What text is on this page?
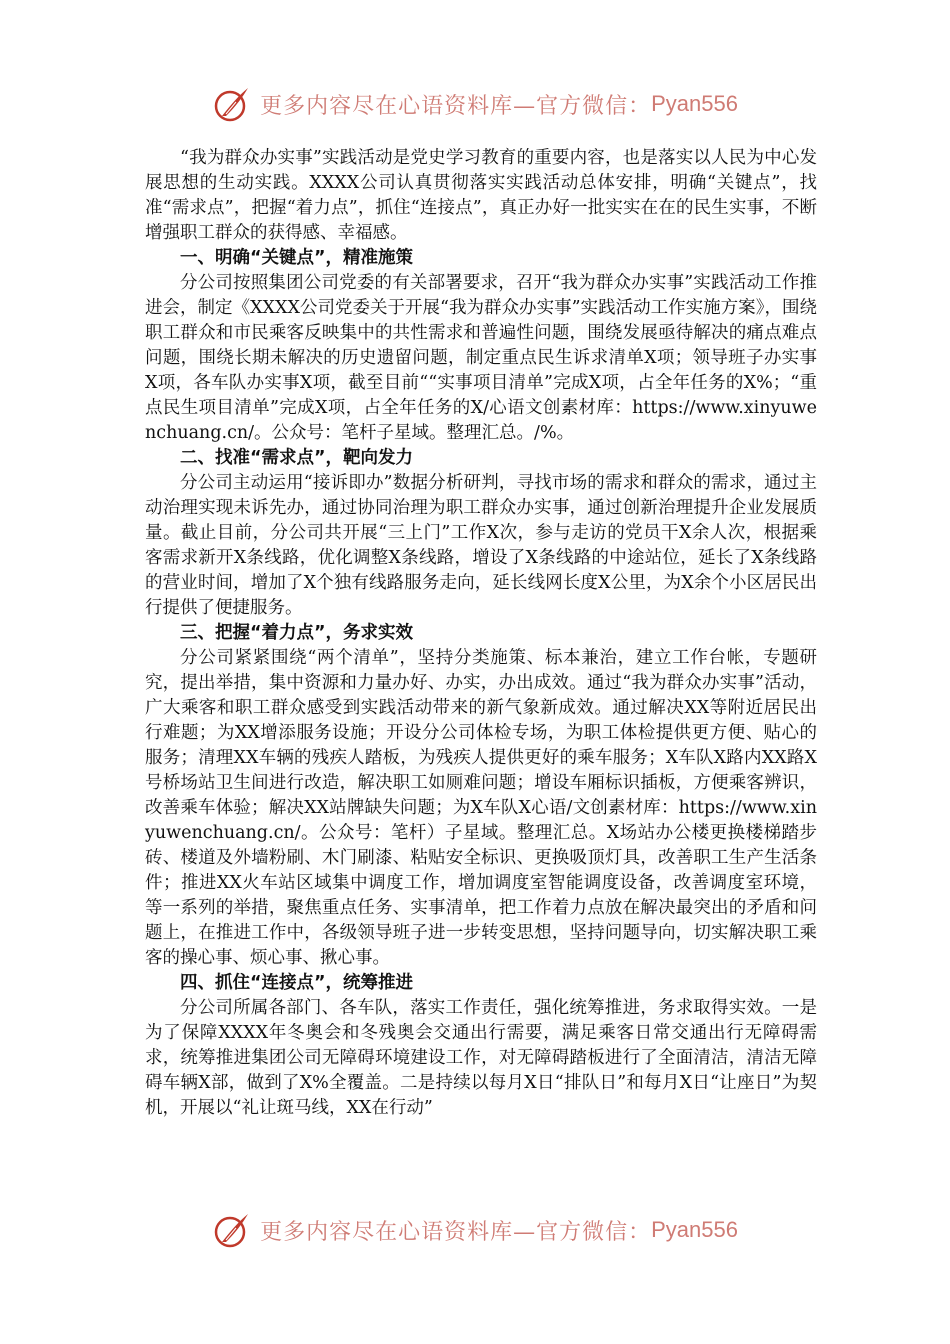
更多内容尽在心语资料库—官方微信： Pyan556

“我为群众办实事”实践活动是党史学习教育的重要内容，也是落实以人民为中心发展思想的生动实践。XXXX公司认真贯彻落实实践活动总体安排，明确“关键点”，找准“需求点”，把握“着力点”，抓住“连接点”，真正办好一批实实在在的民生实事，不断增强职工群众的获得感、幸福感。

一、明确“关键点”，精准施策

分公司按照集团公司党委的有关部署要求，召开“我为群众办实事”实践活动工作推进会，制定《XXXX公司党委关于开展“我为群众办实事”实践活动工作实施方案》，围绕职工群众和市民乘客反映集中的共性需求和普遍性问题，围绕发展亟待解决的痛点难点问题，围绕长期未解决的历史遗留问题，制定重点民生诉求清单X项；领导班子办实事X项，各车队办实事X项，截至目前““实事项目清单”完成X项，占全年任务的X%；“重点民生项目清单”完成X项，占全年任务的X/心语文创素材库：https://www.xinyuwenchuang.cn/。公众号：笔杆子星域。整理汇总。/%。

二、找准“需求点”，靶向发力

分公司主动运用“接诉即办”数据分析研判，寻找市场的需求和群众的需求，通过主动治理实现未诉先办，通过协同治理为职工群众办实事，通过创新治理提升企业发展质量。截止目前，分公司共开展“三上门”工作X次，参与走访的党员干X余人次，根据乘客需求新开X条线路，优化调整X条线路，增设了X条线路的中途站位，延长了X条线路的营业时间，增加了X个独有线路服务走向，延长线网长度X公里，为X余个小区居民出行提供了便捷服务。

三、把握“着力点”，务求实效

分公司紧紧围绕“两个清单”，坚持分类施策、标本兼治，建立工作台帐，专题研究，提出举措，集中资源和力量办好、办实，办出成效。通过“我为群众办实事”活动，广大乘客和职工群众感受到实践活动带来的新气象新成效。通过解决XX等附近居民出行难题；为XX增添服务设施；开设分公司体检专场，为职工体检提供更方便、贴心的服务；清理XX车辆的残疾人踏板，为残疾人提供更好的乘车服务；X车队X路内XX路X号桥场站卫生间进行改造，解决职工如厕难问题；增设车厢标识插板，方便乘客辨识，改善乘车体验；解决XX站牌缺失问题；为X车队X心语/文创素材库：https://www.xinyuwenchuang.cn/。公众号：笔杆）子星域。整理汇总。X场站办公楼更换楼梯踏步砖、楼道及外墙粉刷、木门刷漆、粘贴安全标识、更换吸顶灯具，改善职工生产生活条件；推进XX火车站区域集中调度工作，增加调度室智能调度设备，改善调度室环境，等一系列的举措，聚焦重点任务、实事清单，把工作着力点放在解决最突出的矛盾和问题上，在推进工作中，各级领导班子进一步转变思想，坚持问题导向，切实解决职工乘客的操心事、烦心事、揪心事。

四、抓住“连接点”，统筹推进

分公司所属各部门、各车队，落实工作责任，强化统筹推进，务求取得实效。一是为了保障XXXX年冬奥会和冬残奥会交通出行需要，满足乘客日常交通出行无障碍需求，统筹推进集团公司无障碍环境建设工作，对无障碍踏板进行了全面清洁，清洁无障碍车辆X部，做到了X%全覆盖。二是持续以每月X日“排队日”和每月X日“让座日”为契机，开展以“礼让斑马线，XX在行动”

更多内容尽在心语资料库—官方微信： Pyan556
